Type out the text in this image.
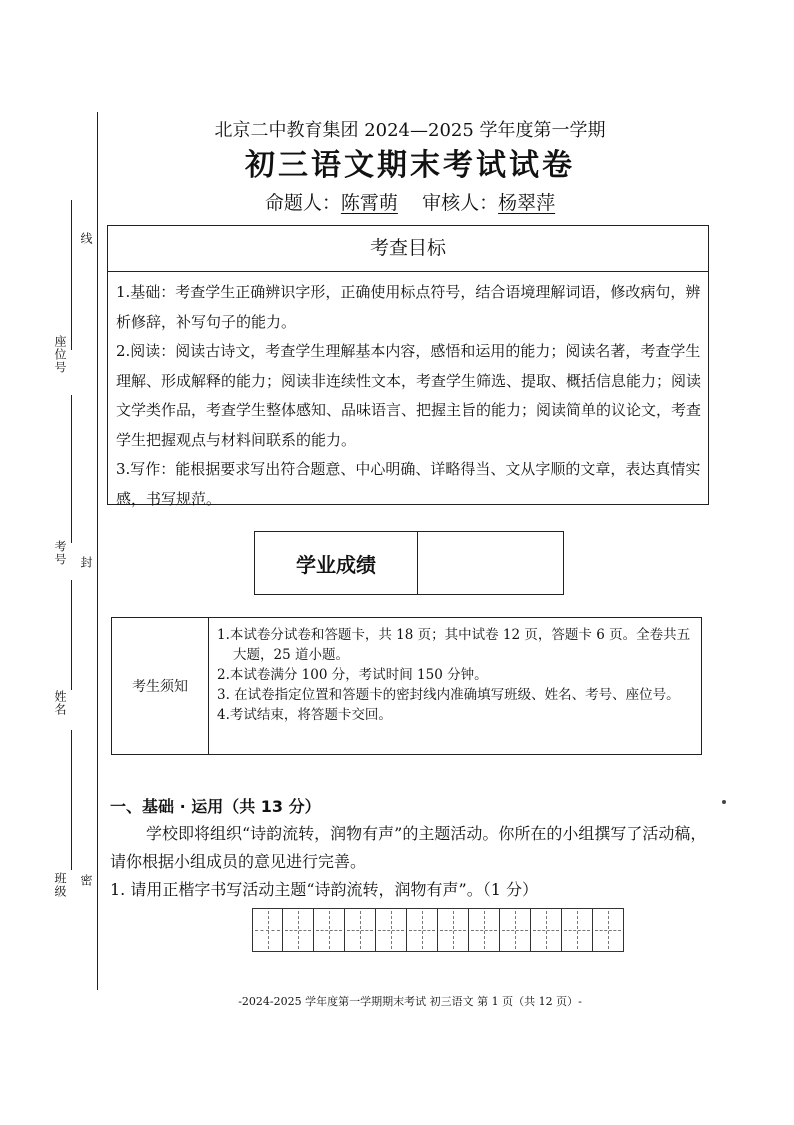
线
座位号
考号 封
姓名
班级 密
北京二中教育集团 2024—2025 学年度第一学期
初三语文期末考试试卷
命题人：陈霄萌 审核人：杨翠萍
考查目标

1.基础：考查学生正确辨识字形，正确使用标点符号，结合语境理解词语，修改病句，辨析修辞，补写句子的能力。

2.阅读：阅读古诗文，考查学生理解基本内容，感悟和运用的能力；阅读名著，考查学生理解、形成解释的能力；阅读非连续性文本，考查学生筛选、提取、概括信息能力；阅读文学类作品，考查学生整体感知、品味语言、把握主旨的能力；阅读简单的议论文，考查学生把握观点与材料间联系的能力。

3.写作：能根据要求写出符合题意、中心明确、详略得当、文从字顺的文章，表达真情实感，书写规范。

学业成绩
考生须知
1.本试卷分试卷和答题卡，共 18 页；其中试卷 12 页，答题卡 6 页。全卷共五大题，25 道小题。
2.本试卷满分 100 分，考试时间 150 分钟。
3. 在试卷指定位置和答题卡的密封线内准确填写班级、姓名、考号、座位号。
4.考试结束，将答题卡交回。
一、基础 · 运用（共 13 分）
学校即将组织“诗韵流转，润物有声”的主题活动。你所在的小组撰写了活动稿，请你根据小组成员的意见进行完善。
1. 请用正楷字书写活动主题“诗韵流转，润物有声”。（1 分）
-2024-2025 学年度第一学期期末考试 初三语文 第 1 页（共 12 页）-
